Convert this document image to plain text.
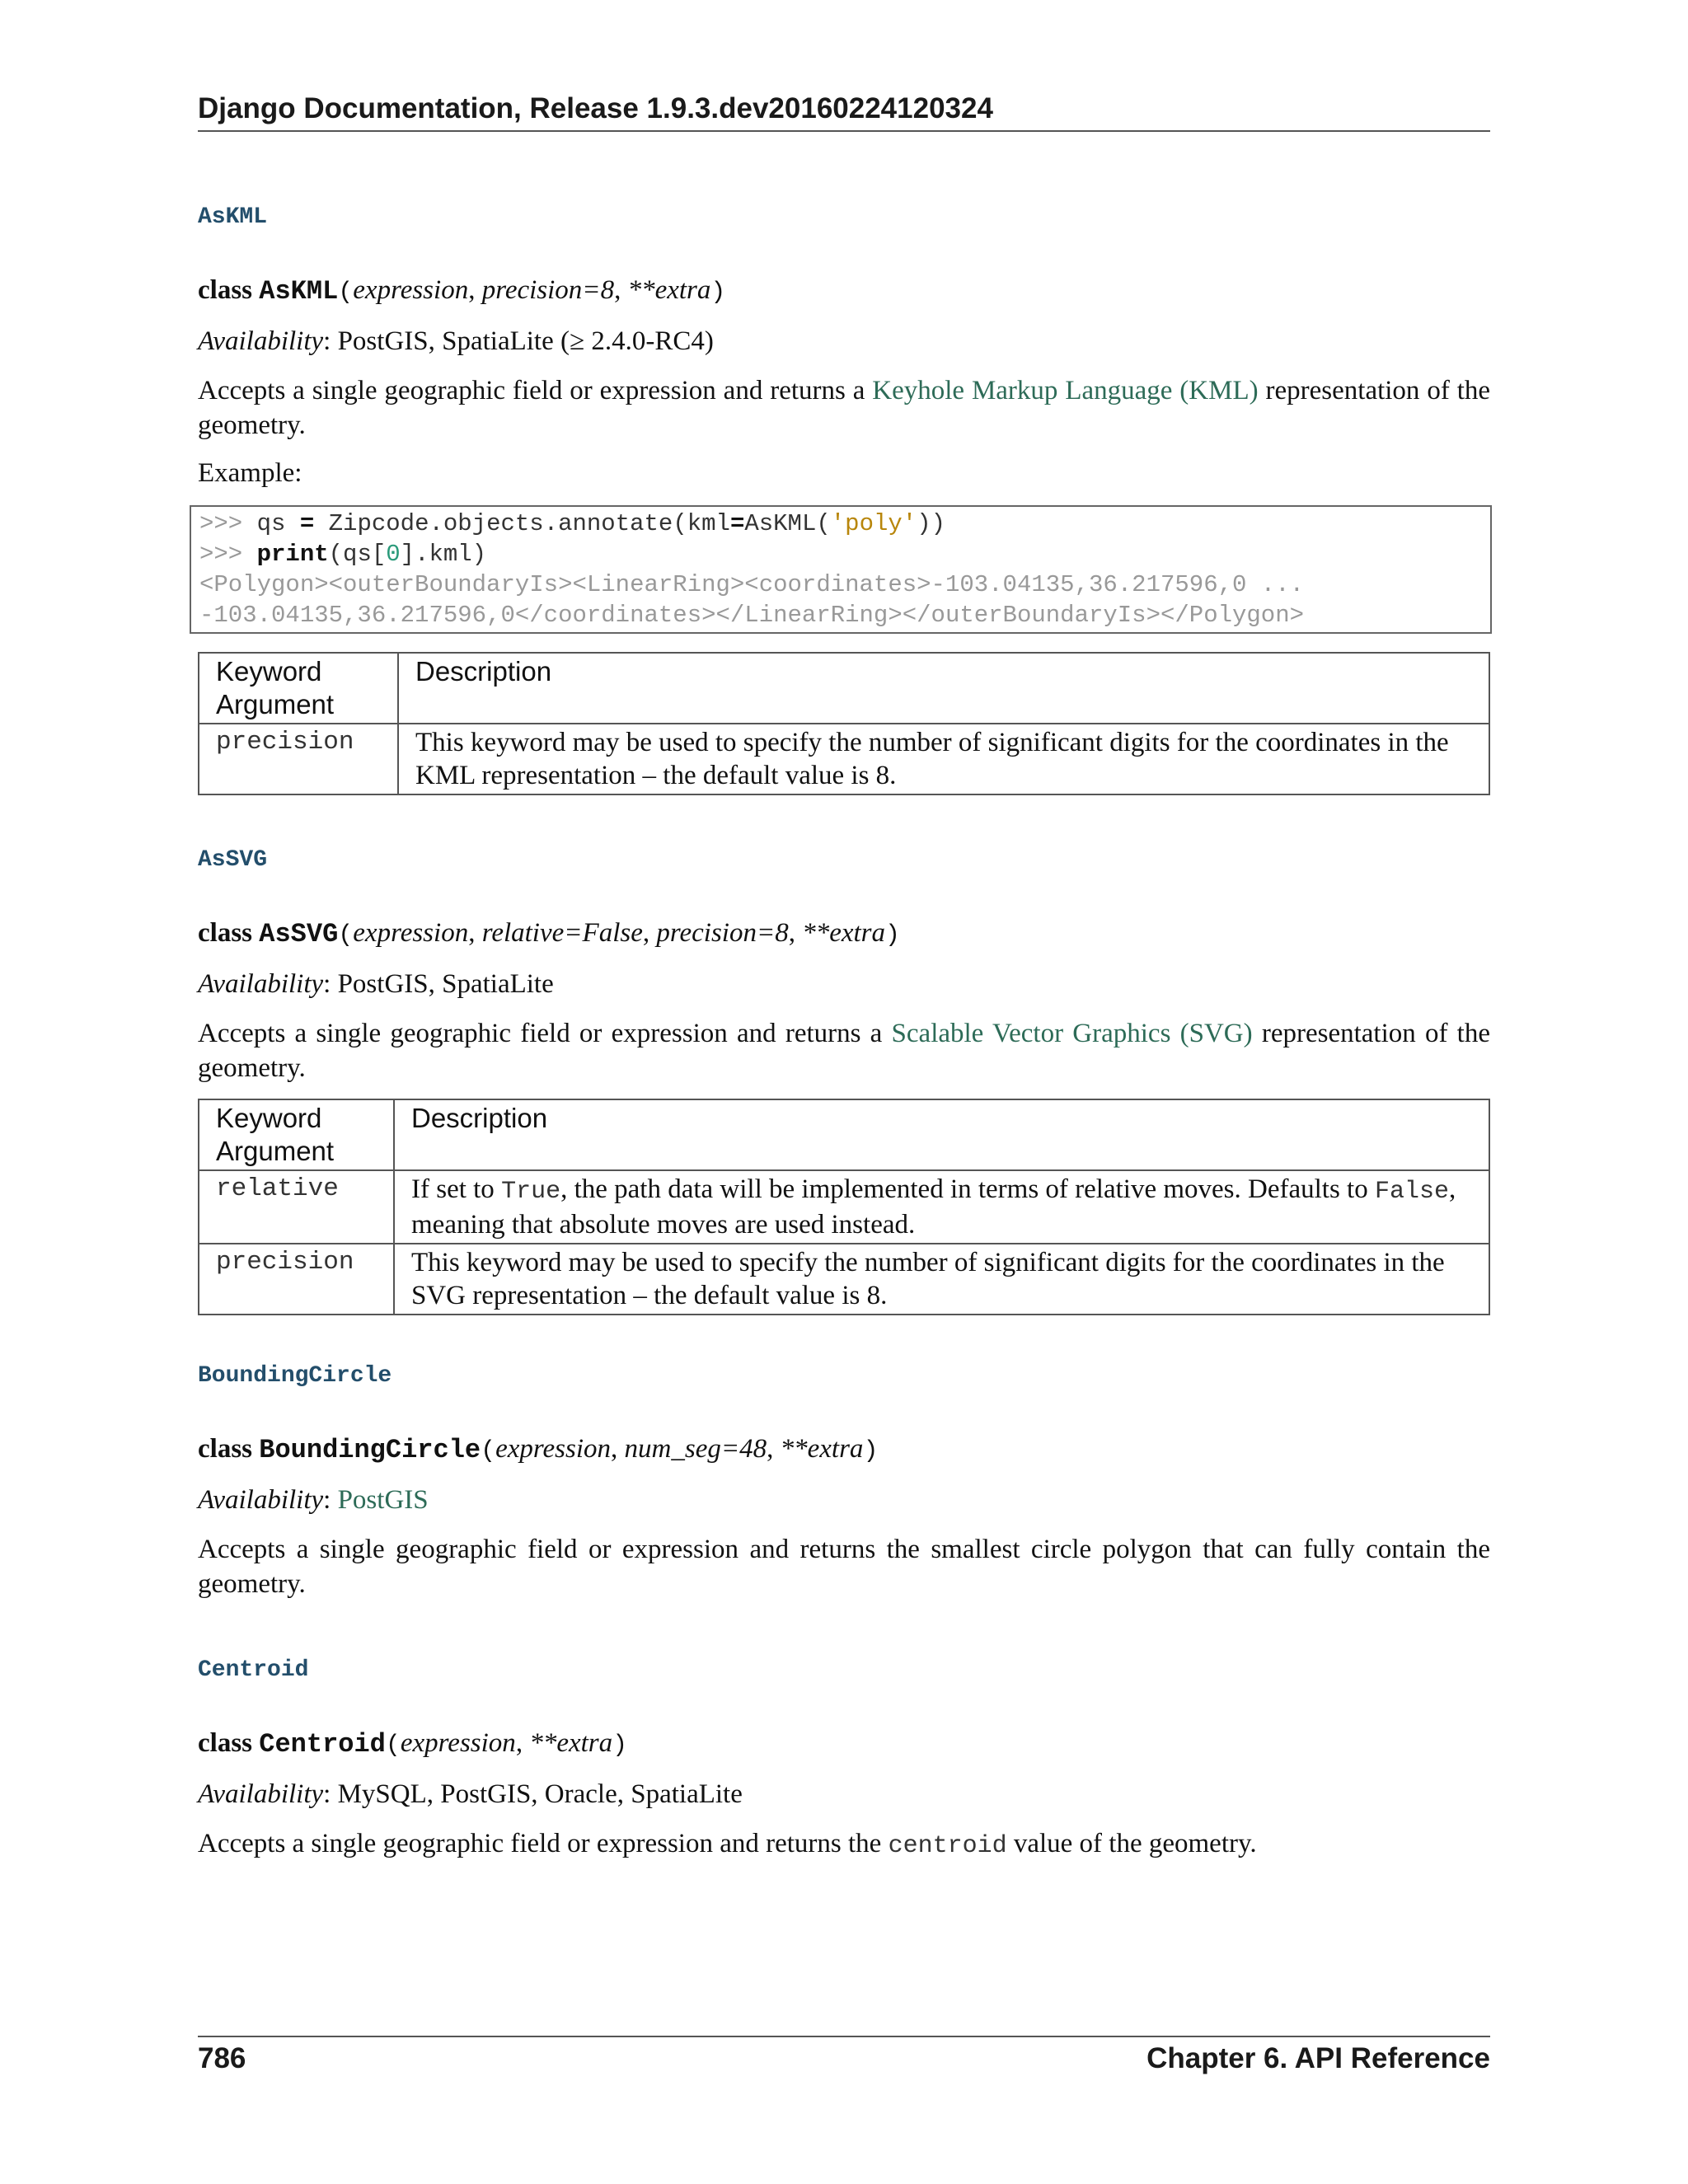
Django Documentation, Release 1.9.3.dev20160224120324
AsKML
class AsKML(expression, precision=8, **extra)
Availability: PostGIS, SpatiaLite (≥ 2.4.0-RC4)
Accepts a single geographic field or expression and returns a Keyhole Markup Language (KML) representation of the geometry.
Example:
>>> qs = Zipcode.objects.annotate(kml=AsKML('poly'))
>>> print(qs[0].kml)
<Polygon><outerBoundaryIs><LinearRing><coordinates>-103.04135,36.217596,0 ...
-103.04135,36.217596,0</coordinates></LinearRing></outerBoundaryIs></Polygon>
Keyword Argument	Description
precision	This keyword may be used to specify the number of significant digits for the coordinates in the KML representation – the default value is 8.
AsSVG
class AsSVG(expression, relative=False, precision=8, **extra)
Availability: PostGIS, SpatiaLite
Accepts a single geographic field or expression and returns a Scalable Vector Graphics (SVG) representation of the geometry.
Keyword Argument	Description
relative	If set to True, the path data will be implemented in terms of relative moves. Defaults to False, meaning that absolute moves are used instead.
precision	This keyword may be used to specify the number of significant digits for the coordinates in the SVG representation – the default value is 8.
BoundingCircle
class BoundingCircle(expression, num_seg=48, **extra)
Availability: PostGIS
Accepts a single geographic field or expression and returns the smallest circle polygon that can fully contain the geometry.
Centroid
class Centroid(expression, **extra)
Availability: MySQL, PostGIS, Oracle, SpatiaLite
Accepts a single geographic field or expression and returns the centroid value of the geometry.
786	Chapter 6. API Reference
